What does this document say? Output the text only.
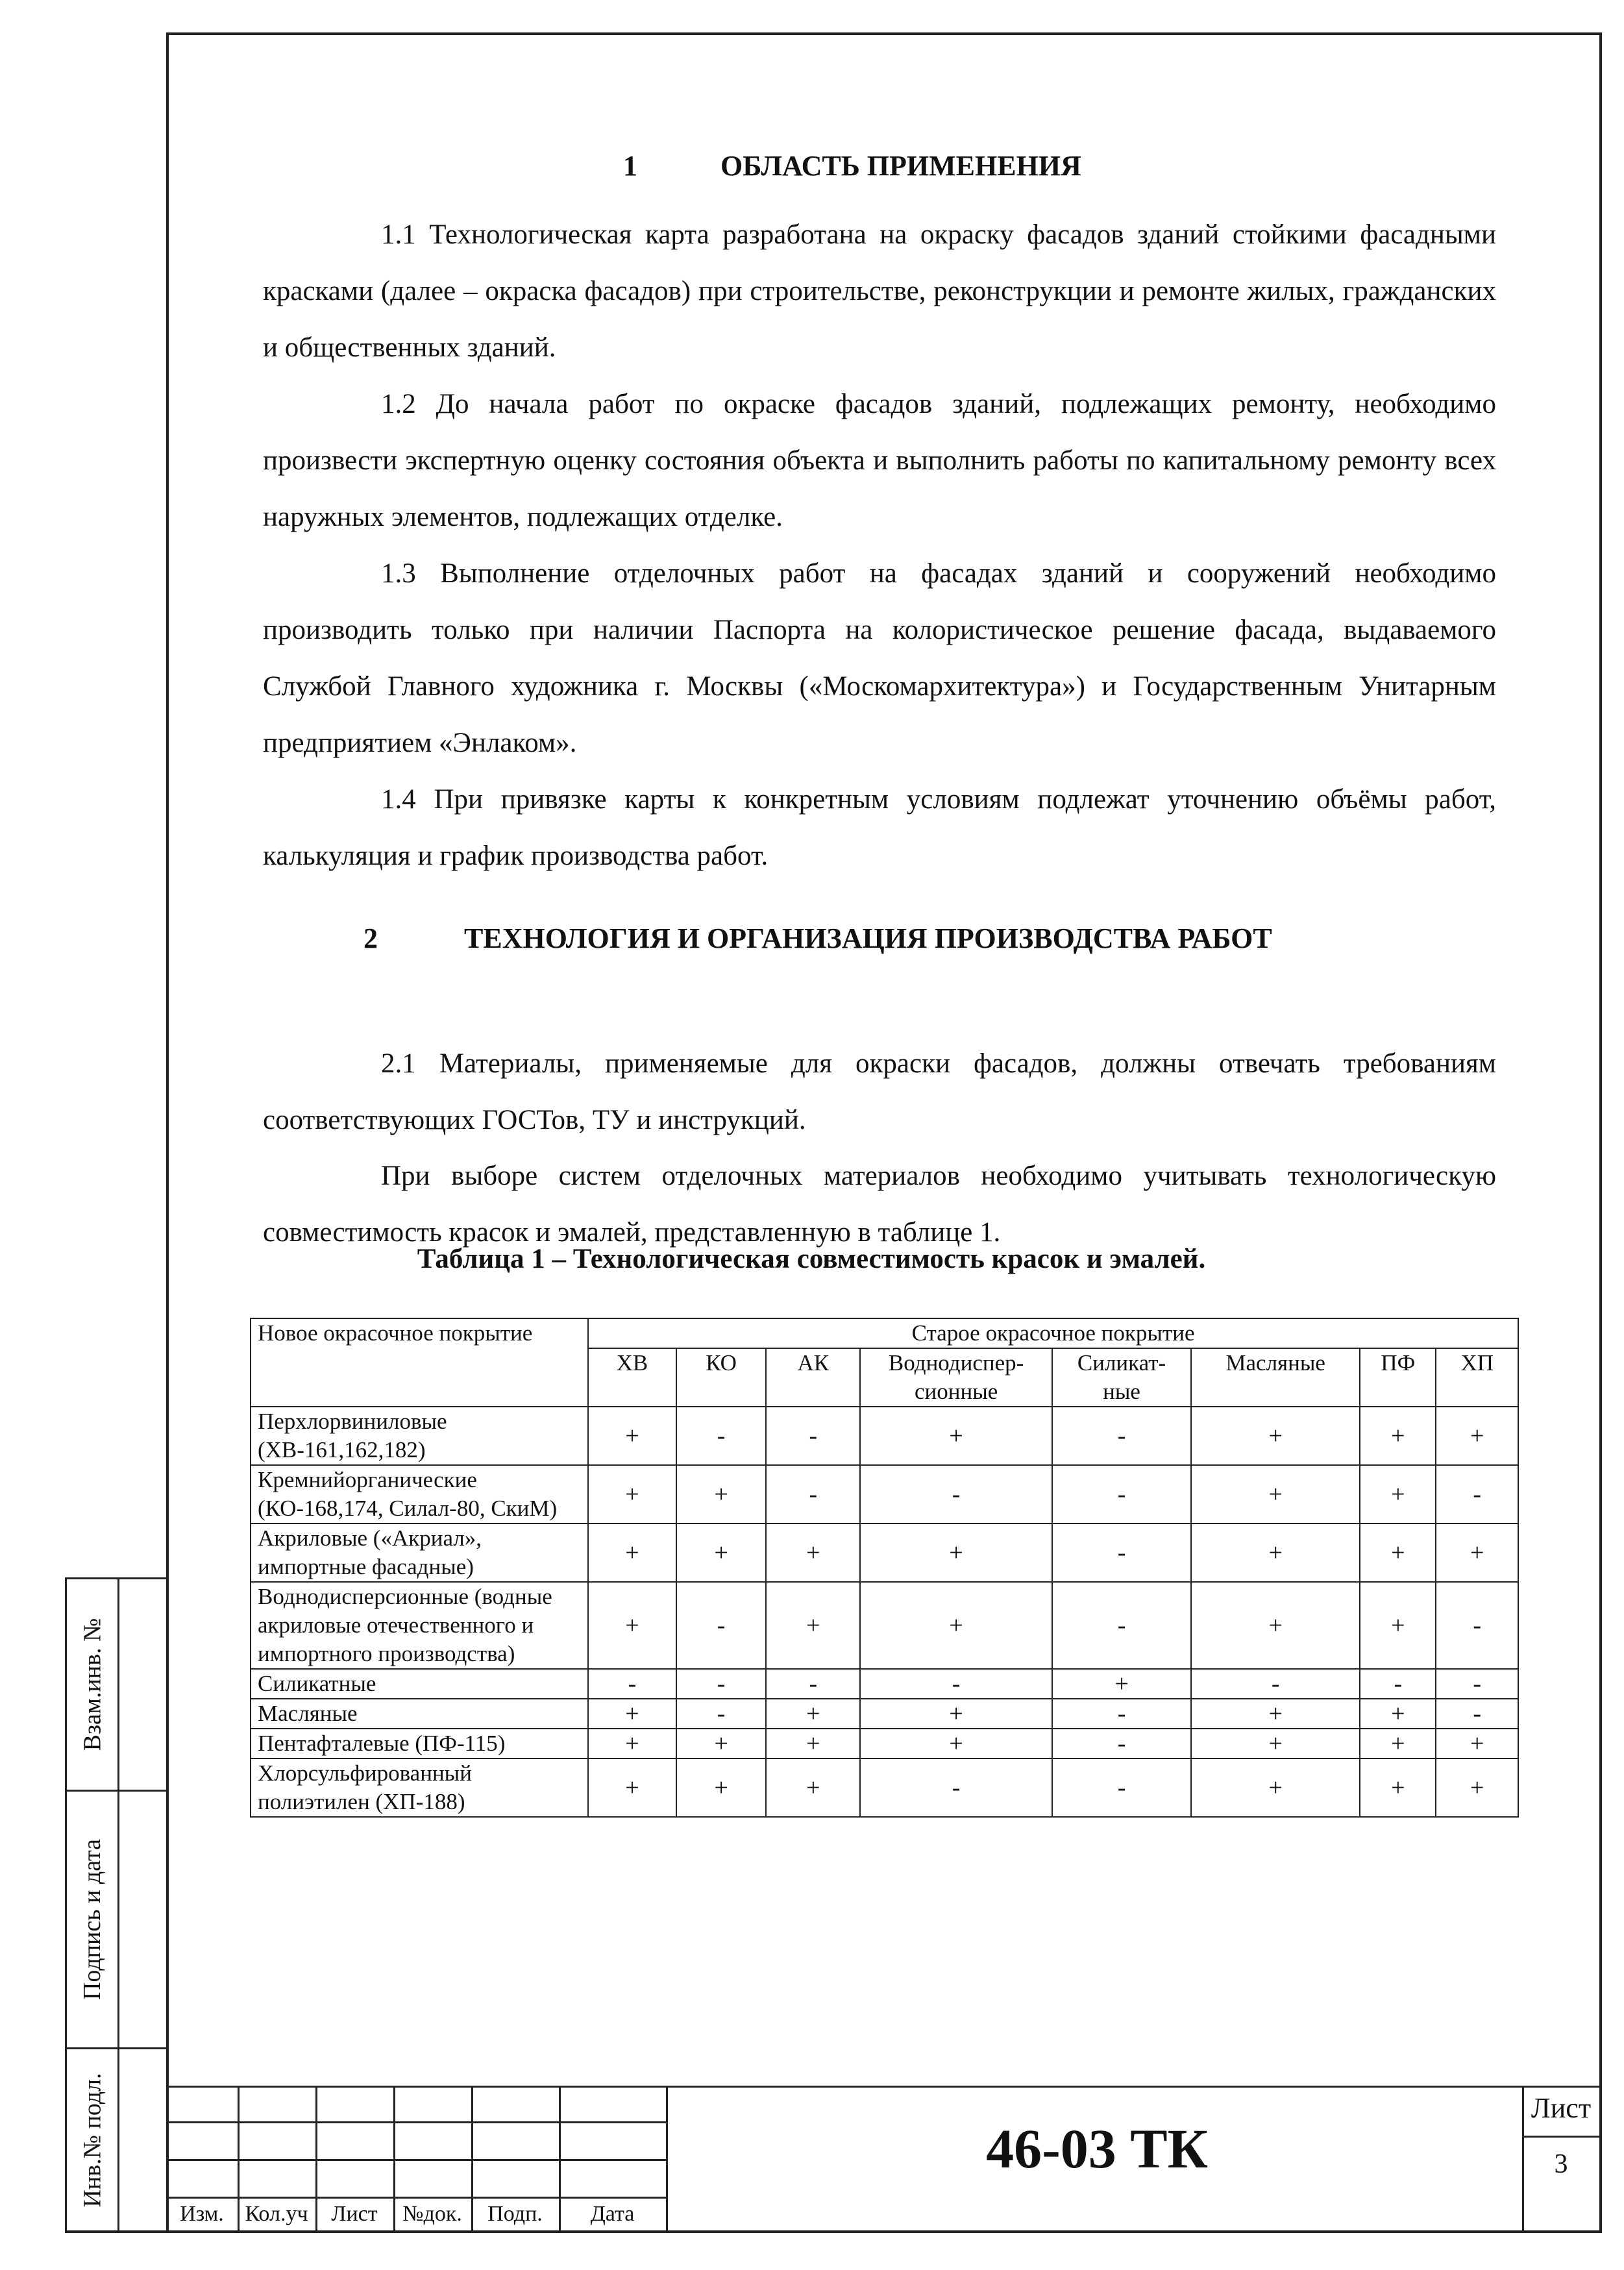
Взам.инв. №
Подпись и дата
Инв.№ подл.
1	ОБЛАСТЬ ПРИМЕНЕНИЯ
1.1 Технологическая карта разработана на окраску фасадов зданий стойкими фасадными красками (далее – окраска фасадов) при строительстве, реконструкции и ремонте жилых, гражданских и общественных зданий.
1.2 До начала работ по окраске фасадов зданий, подлежащих ремонту, необходимо произвести экспертную оценку состояния объекта и выполнить работы по капитальному ремонту всех наружных элементов, подлежащих отделке.
1.3 Выполнение отделочных работ на фасадах зданий и сооружений необходимо производить только при наличии Паспорта на колористическое решение фасада, выдаваемого Службой Главного художника г. Москвы («Москомархитектура») и Государственным Унитарным предприятием «Энлаком».
1.4 При привязке карты к конкретным условиям подлежат уточнению объёмы работ, калькуляция и график производства работ.
2	ТЕХНОЛОГИЯ И ОРГАНИЗАЦИЯ ПРОИЗВОДСТВА РАБОТ
2.1 Материалы, применяемые для окраски фасадов, должны отвечать требованиям соответствующих ГОСТов, ТУ и инструкций.
При выборе систем отделочных материалов необходимо учитывать технологическую совместимость красок и эмалей, представленную в таблице 1.
Таблица 1 – Технологическая совместимость красок и эмалей.
Новое окрасочное покрытие	Старое окрасочное покрытие							
	ХВ	КО	АК	Воднодиспер-сионные	Силикат-ные	Масляные	ПФ	ХП
Перхлорвиниловые (ХВ-161,162,182)	+	-	-	+	-	+	+	+
Кремнийорганические (КО-168,174, Силал-80, СкиМ)	+	+	-	-	-	+	+	-
Акриловые («Акриал», импортные фасадные)	+	+	+	+	-	+	+	+
Воднодисперсионные (водные акриловые отечественного и импортного производства)	+	-	+	+	-	+	+	-
Силикатные	-	-	-	-	+	-	-	-
Масляные	+	-	+	+	-	+	+	-
Пентафталевые (ПФ-115)	+	+	+	+	-	+	+	+
Хлорсульфированный полиэтилен (ХП-188)	+	+	+	-	-	+	+	+
Изм. Кол.уч	Лист	№док.	Подп.	Дата
46-03 ТК
Лист
3
